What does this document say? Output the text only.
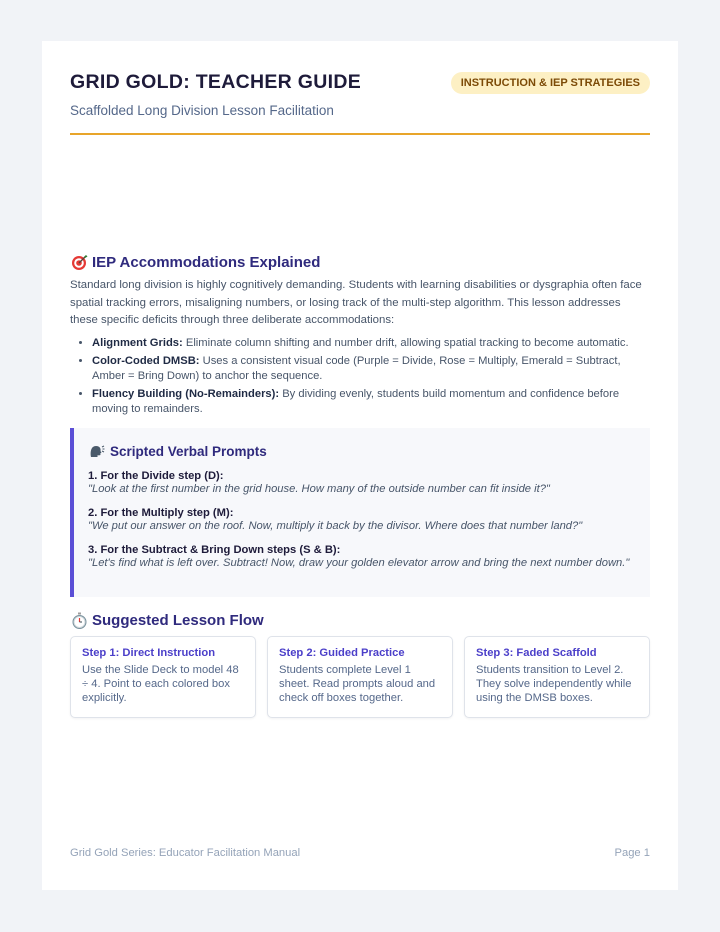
GRID GOLD: TEACHER GUIDE	INSTRUCTION & IEP STRATEGIES
Scaffolded Long Division Lesson Facilitation
IEP Accommodations Explained
Standard long division is highly cognitively demanding. Students with learning disabilities or dysgraphia often face spatial tracking errors, misaligning numbers, or losing track of the multi-step algorithm. This lesson addresses these specific deficits through three deliberate accommodations:
• Alignment Grids: Eliminate column shifting and number drift, allowing spatial tracking to become automatic.
• Color-Coded DMSB: Uses a consistent visual code (Purple = Divide, Rose = Multiply, Emerald = Subtract, Amber = Bring Down) to anchor the sequence.
• Fluency Building (No-Remainders): By dividing evenly, students build momentum and confidence before moving to remainders.
Scripted Verbal Prompts
1. For the Divide step (D):
"Look at the first number in the grid house. How many of the outside number can fit inside it?"
2. For the Multiply step (M):
"We put our answer on the roof. Now, multiply it back by the divisor. Where does that number land?"
3. For the Subtract & Bring Down steps (S & B):
"Let's find what is left over. Subtract! Now, draw your golden elevator arrow and bring the next number down."
Suggested Lesson Flow
Step 1: Direct Instruction
Use the Slide Deck to model 48 ÷ 4. Point to each colored box explicitly.
Step 2: Guided Practice
Students complete Level 1 sheet. Read prompts aloud and check off boxes together.
Step 3: Faded Scaffold
Students transition to Level 2. They solve independently while using the DMSB boxes.
Grid Gold Series: Educator Facilitation Manual	Page 1
